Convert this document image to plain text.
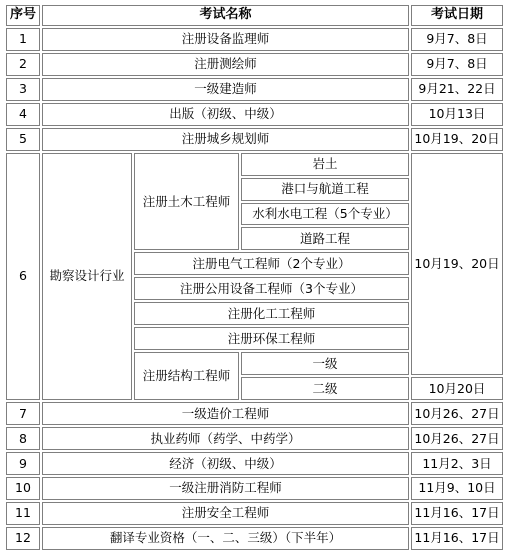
序号	考试名称			考试日期
1	注册设备监理师			9月7、8日
2	注册测绘师			9月7、8日
3	一级建造师			9月21、22日
4	出版（初级、中级）			10月13日
5	注册城乡规划师			10月19、20日
6	勘察设计行业	注册土木工程师	岩土	10月19、20日
			港口与航道工程	
			水利水电工程（5个专业）	
			道路工程	
		注册电气工程师（2个专业）		
		注册公用设备工程师（3个专业）		
		注册化工工程师		
		注册环保工程师		
		注册结构工程师	一级	
			二级	10月20日
7	一级造价工程师			10月26、27日
8	执业药师（药学、中药学）			10月26、27日
9	经济（初级、中级）			11月2、3日
10	一级注册消防工程师			11月9、10日
11	注册安全工程师			11月16、17日
12	翻译专业资格（一、二、三级）（下半年）			11月16、17日
